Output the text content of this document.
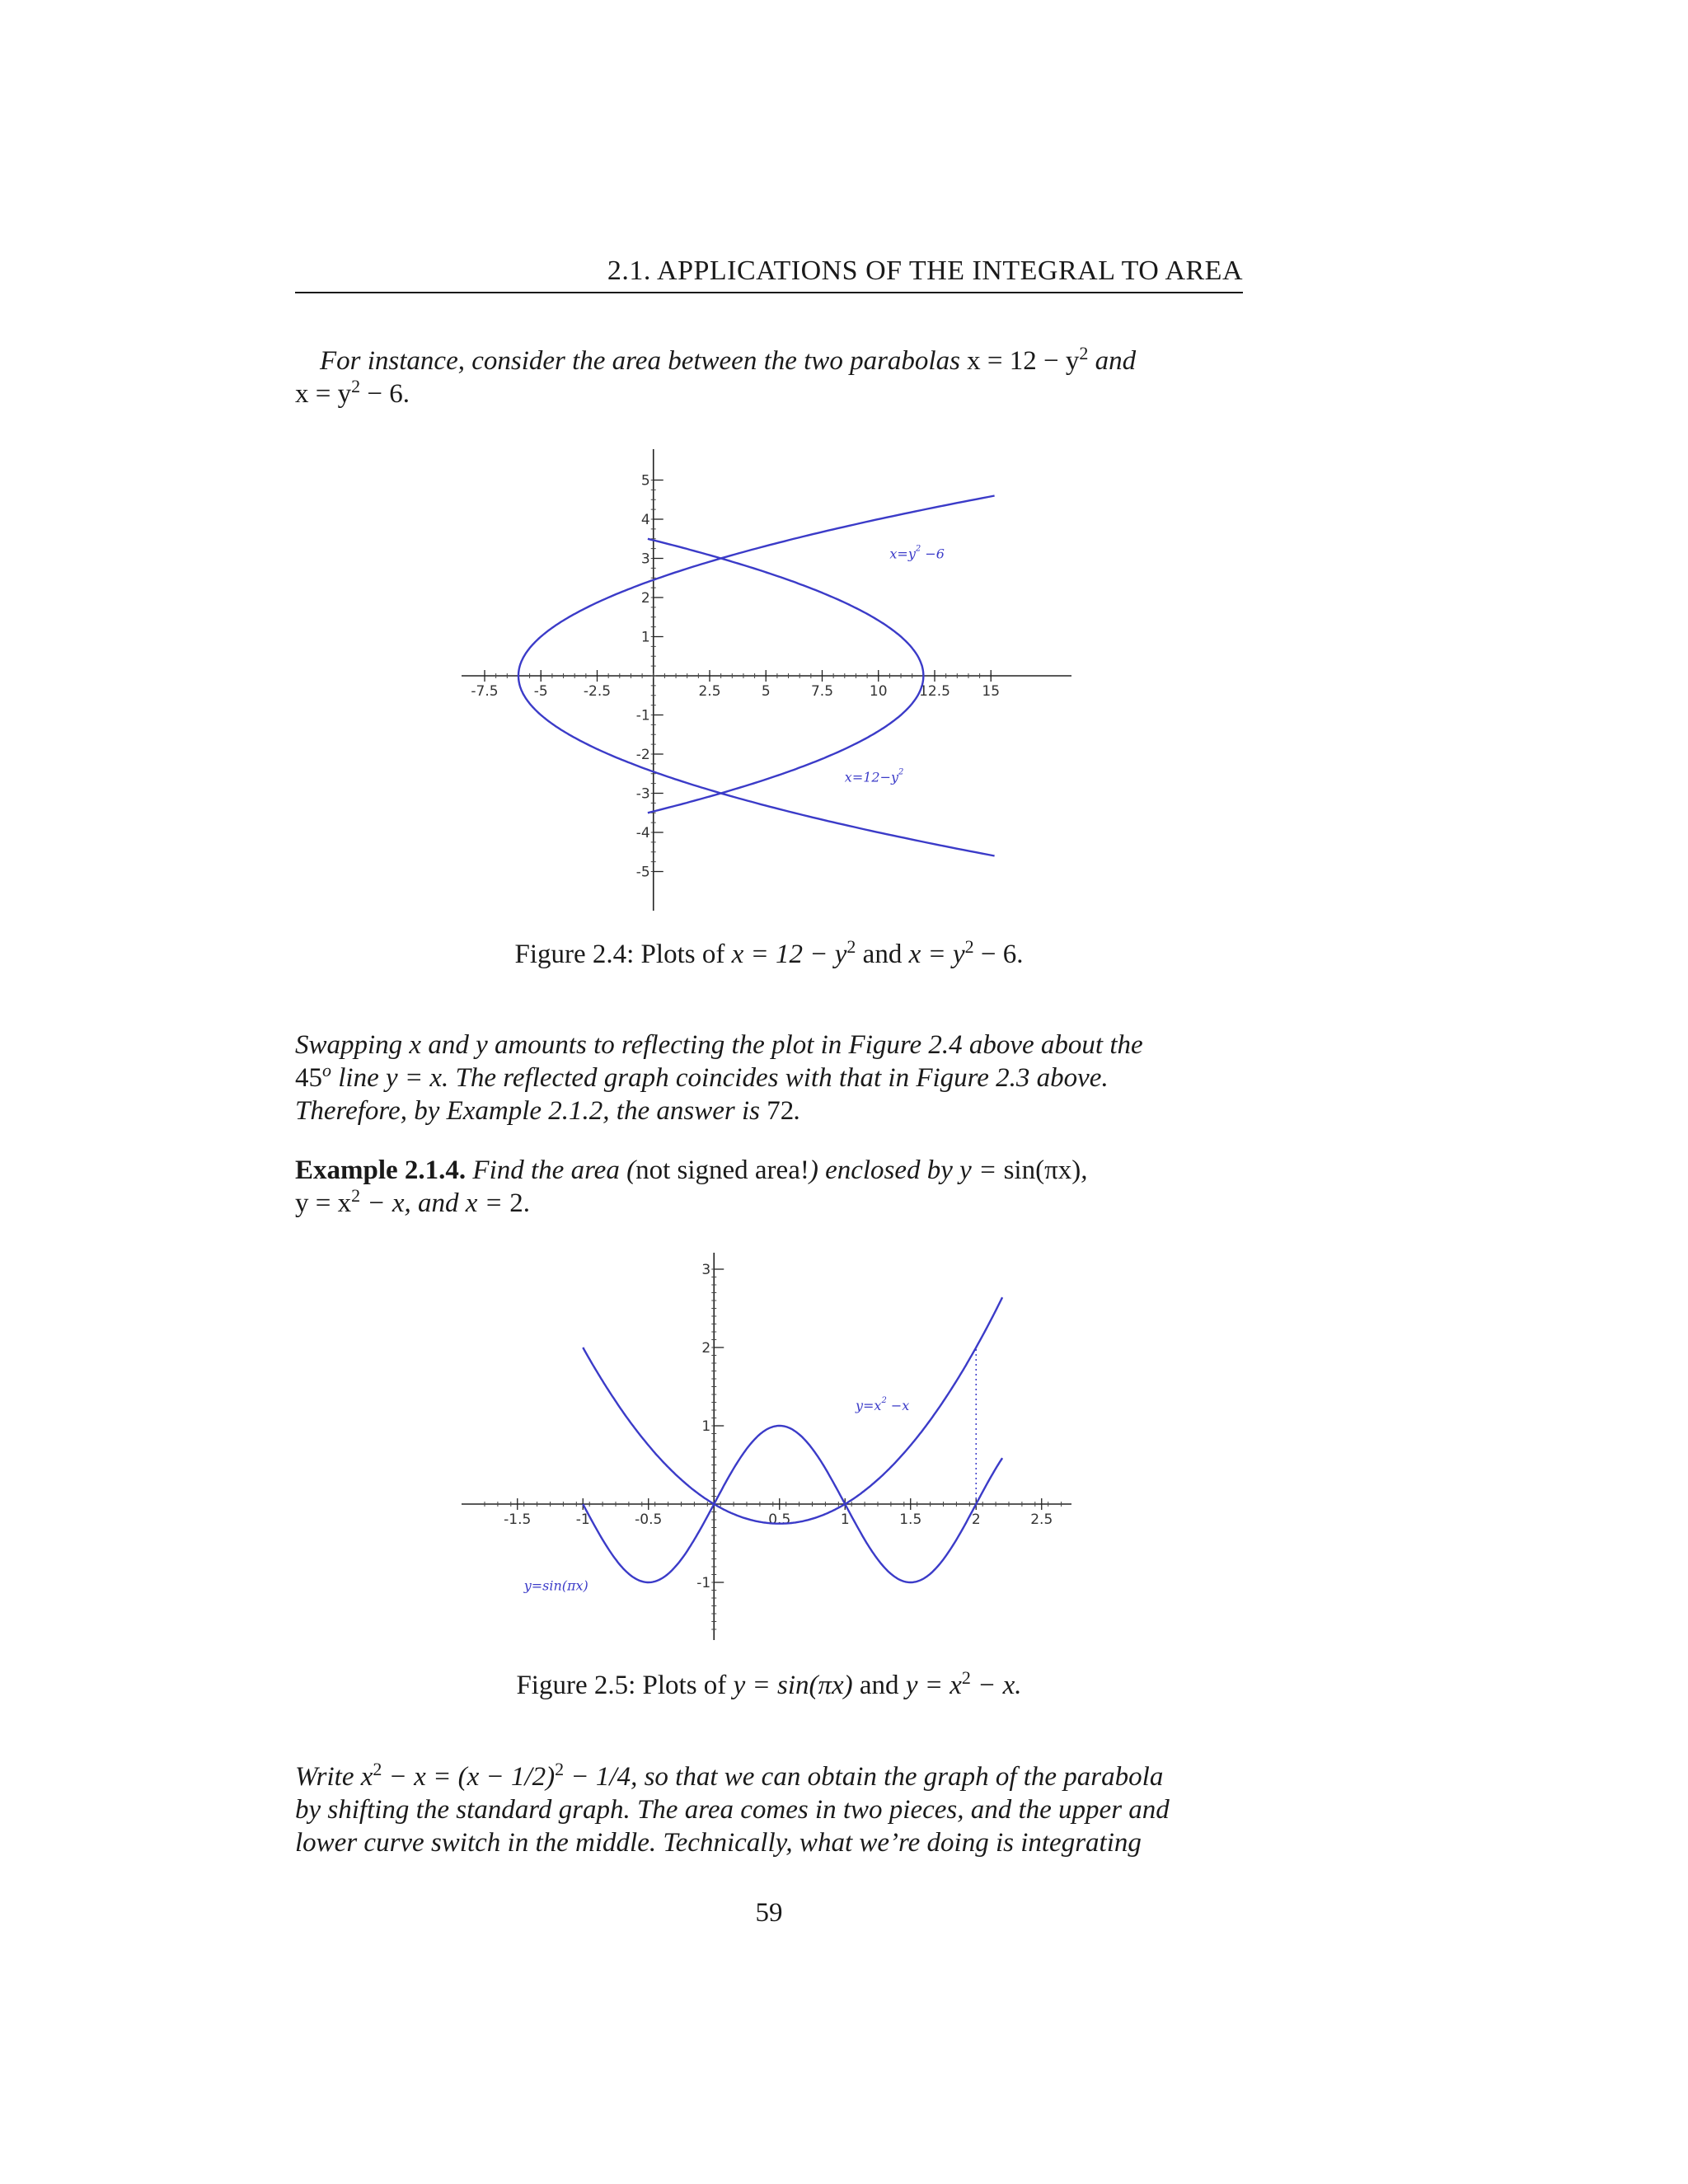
2.1. APPLICATIONS OF THE INTEGRAL TO AREA
For instance, consider the area between the two parabolas $x = 12 - y^2$ and
$x = y^2 - 6$.
-7.5	-5	-2.5	2.5	5	7.5	10 12.5 15
5
4
3
2
1
-1
-2
-3
-4
-5
$x=y^2 -6$
$x=12-y^2$
Figure 2.4: Plots of $x = 12 - y^2$ and $x = y^2 - 6$.
Swapping x and y amounts to reflecting the plot in Figure 2.4 above about the
45$^o$ line y = x. The reflected graph coincides with that in Figure 2.3 above.
Therefore, by Example 2.1.2, the answer is 72.
Example 2.1.4. Find the area (not signed area!) enclosed by y = sin(πx),
$y = x^2 - x$, and x = 2.
-1.5	-1	-0.5	0.5	1	1.5	2	2.5
3
2
1
-1
$y=x^2 -x$
y=sin(πx)
Figure 2.5: Plots of y = sin(πx) and $y = x^2 - x$.
Write $x^2 - x = (x - 1/2)^2 - 1/4$, so that we can obtain the graph of the parabola
by shifting the standard graph. The area comes in two pieces, and the upper and
lower curve switch in the middle. Technically, what we’re doing is integrating
59
